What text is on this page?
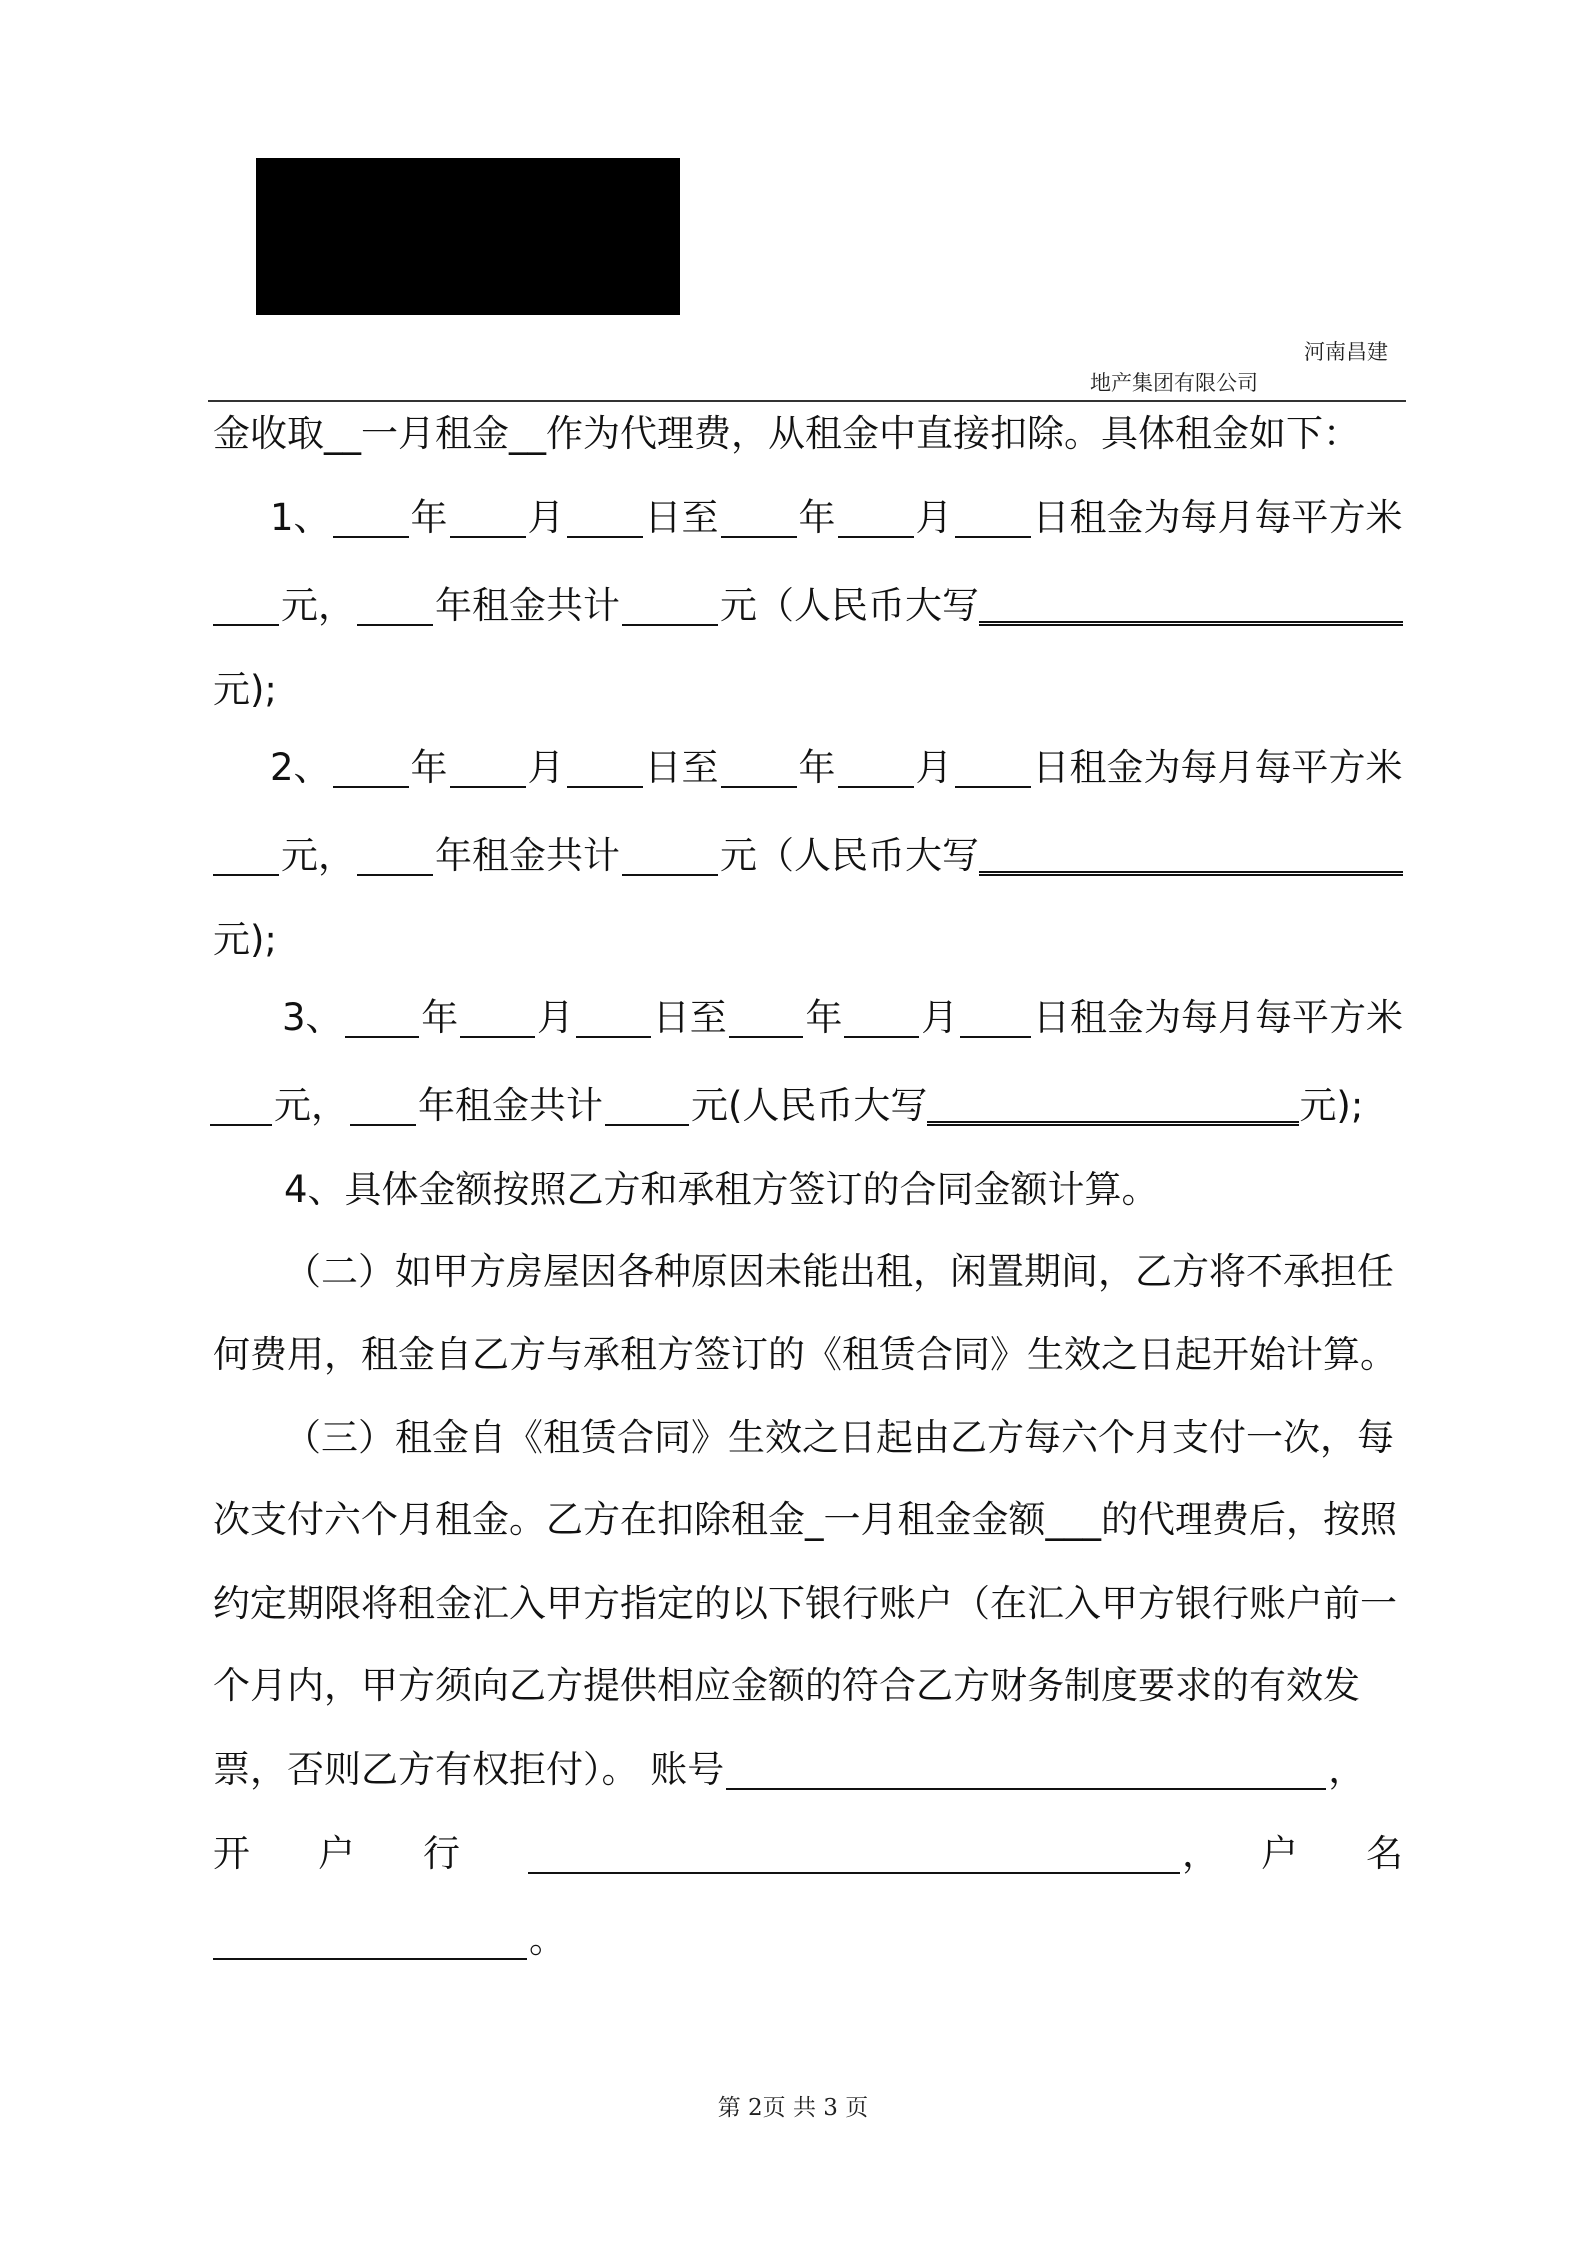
河南昌建
地产集团有限公司
金收取 __一月租金__ 作为代理费，从租金中直接扣除。具体租金如下：
1、 年 月 日至 年 月 日租金为每月每平方米
元， 年租金共计	元（人民币大写
元);
2、 年 月 日至 年 月 日租金为每月每平方米
元， 年租金共计	元（人民币大写
元);
3、 年 月 日至 年 月 日租金为每月每平方米
元， 年租金共计 元(人民币大写	元);
4、具体金额按照乙方和承租方签订的合同金额计算。
（二）如甲方房屋因各种原因未能出租，闲置期间，乙方将不承担任
何费用，租金自乙方与承租方签订的《租赁合同》生效之日起开始计算。
（三）租金自《租赁合同》生效之日起由乙方每六个月支付一次，每
次支付六个月租金。乙方在扣除租金 _一月租金金额___ 的代理费后，按照
约定期限将租金汇入甲方指定的以下银行账户（在汇入甲方银行账户前一
个月内，甲方须向乙方提供相应金额的符合乙方财务制度要求的有效发
票，否则乙方有权拒付）。 账号	，
开 户 行	， 户 名
。
第 2页 共 3 页
